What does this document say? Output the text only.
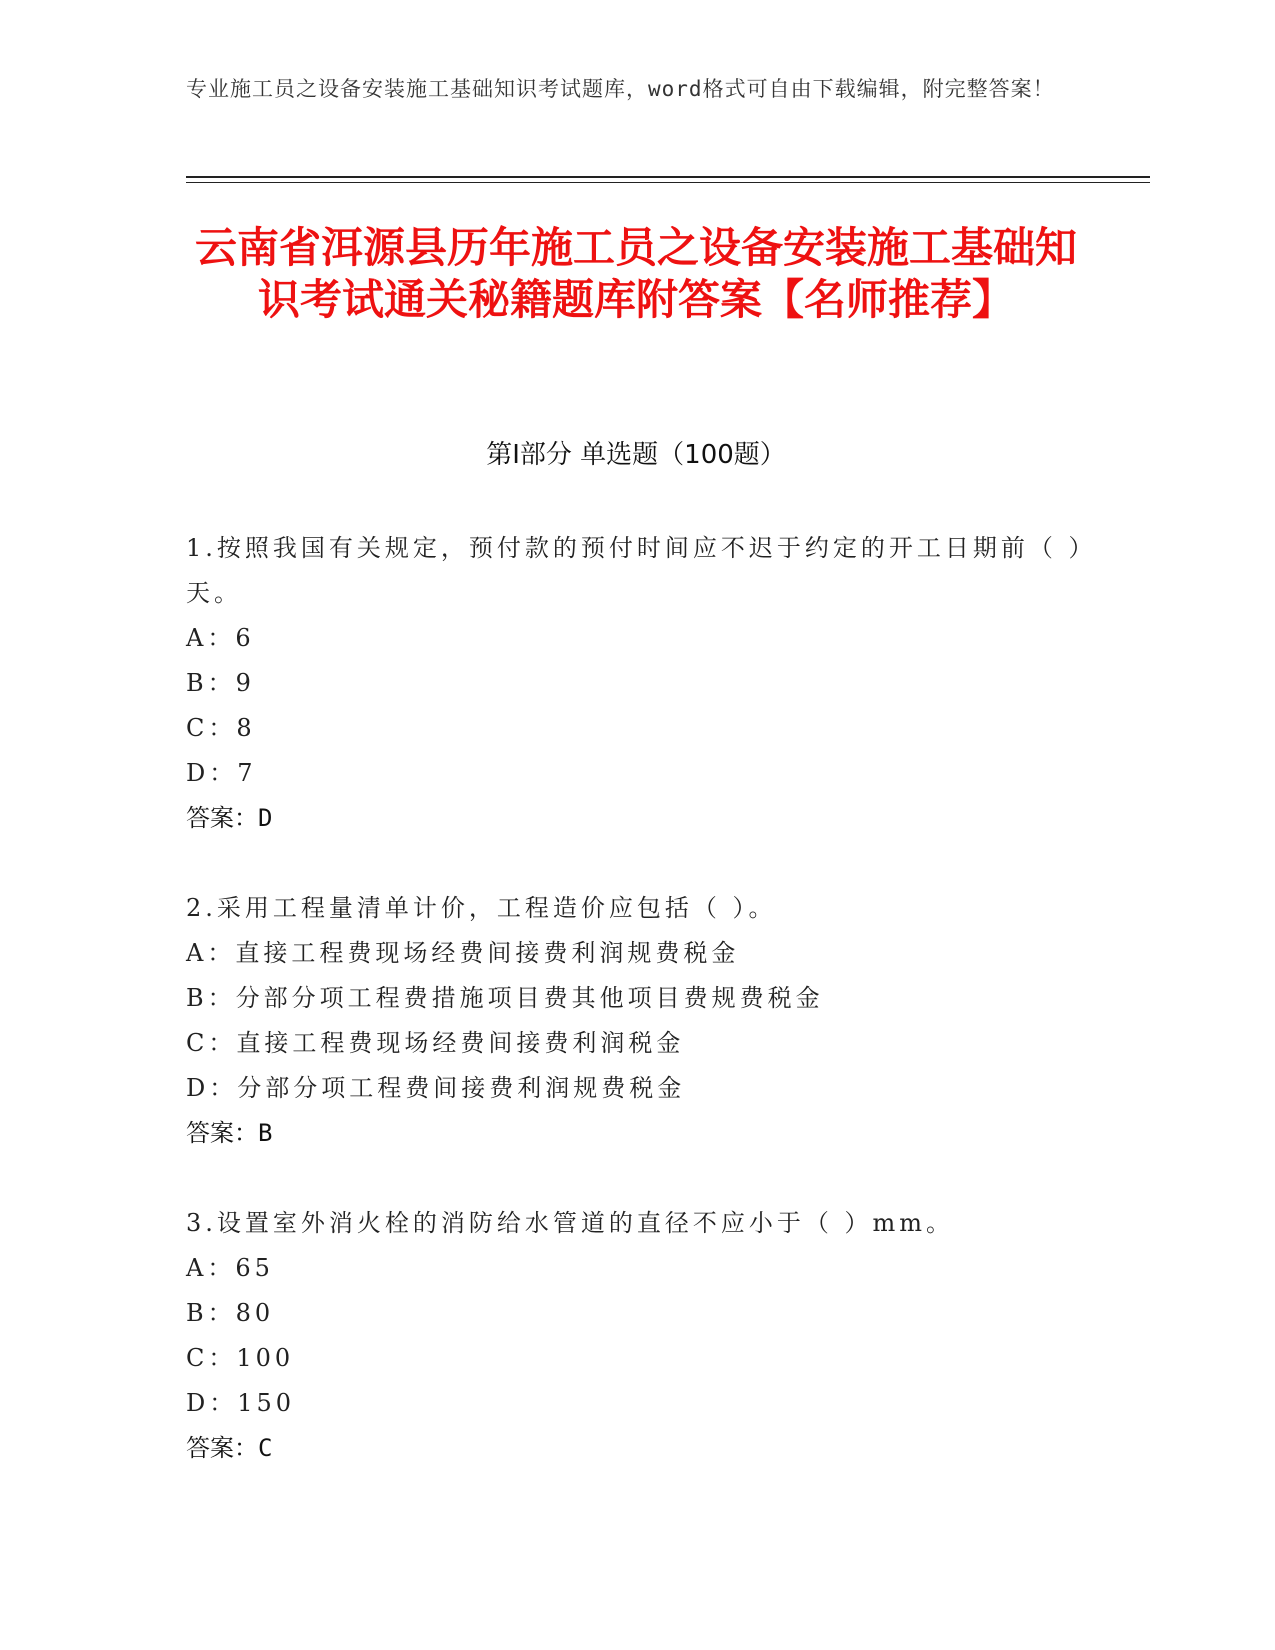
专业施工员之设备安装施工基础知识考试题库，word格式可自由下载编辑，附完整答案！
云南省洱源县历年施工员之设备安装施工基础知识考试通关秘籍题库附答案【名师推荐】
第Ⅰ部分 单选题（100题）
1.按照我国有关规定，预付款的预付时间应不迟于约定的开工日期前（ ）天。
A：6
B：9
C：8
D：7
答案：D
2.采用工程量清单计价，工程造价应包括（ ）。
A：直接工程费现场经费间接费利润规费税金
B：分部分项工程费措施项目费其他项目费规费税金
C：直接工程费现场经费间接费利润税金
D：分部分项工程费间接费利润规费税金
答案：B
3.设置室外消火栓的消防给水管道的直径不应小于（ ）mm。
A：65
B：80
C：100
D：150
答案：C
